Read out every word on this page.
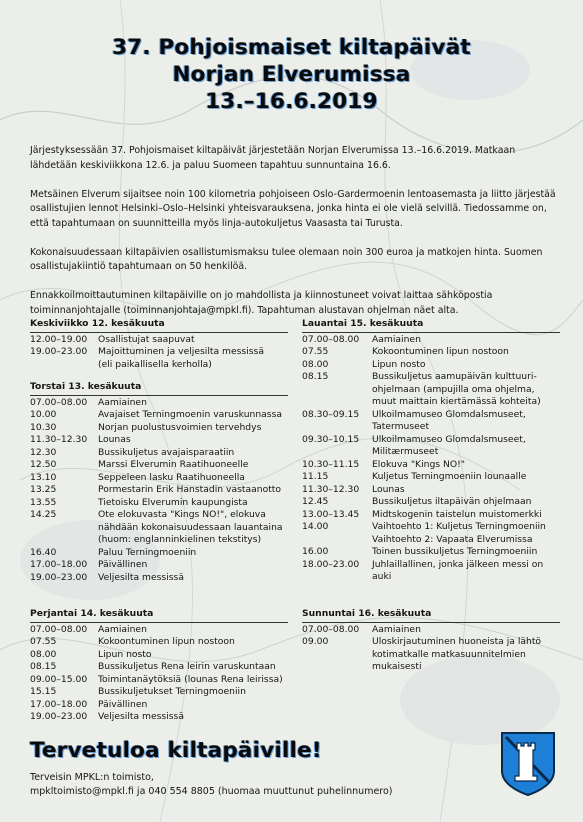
37. Pohjoismaiset kiltapäivät
Norjan Elverumissa
13.–16.6.2019

Järjestyksessään 37. Pohjoismaiset kiltapäivät järjestetään Norjan Elverumissa 13.–16.6.2019. Matkaan lähdetään keskiviikkona 12.6. ja paluu Suomeen tapahtuu sunnuntaina 16.6.

Metsäinen Elverum sijaitsee noin 100 kilometria pohjoiseen Oslo-Gardermoenin lentoasemasta ja liitto järjestää osallistujien lennot Helsinki–Oslo–Helsinki yhteisvarauksena, jonka hinta ei ole vielä selvillä. Tiedossamme on, että tapahtumaan on suunnitteilla myös linja-autokuljetus Vaasasta tai Turusta.

Kokonaisuudessaan kiltapäivien osallistumismaksu tulee olemaan noin 300 euroa ja matkojen hinta. Suomen osallistujakiintiö tapahtumaan on 50 henkilöä.

Ennakkoilmoittautuminen kiltapäiville on jo mahdollista ja kiinnostuneet voivat laittaa sähköpostia toiminnanjohtajalle (toiminnanjohtaja@mpkl.fi). Tapahtuman alustavan ohjelman näet alta.

Keskiviikko 12. kesäkuuta
12.00–19.00	Osallistujat saapuvat
19.00–23.00	Majoittuminen ja veljesilta messissä
(eli paikallisella kerholla)
Torstai 13. kesäkuuta
07.00–08.00	Aamiainen
10.00	Avajaiset Terningmoenin varuskunnassa
10.30	Norjan puolustusvoimien tervehdys
11.30–12.30	Lounas
12.30	Bussikuljetus avajaisparaatiin
12.50	Marssi Elverumin Raatihuoneelle
13.10	Seppeleen lasku Raatihuoneella
13.25	Pormestarin Erik Hanstadin vastaanotto
13.55	Tietoisku Elverumin kaupungista
14.25	Ote elokuvasta "Kings NO!", elokuva
nähdään kokonaisuudessaan lauantaina
(huom: englanninkielinen tekstitys)
16.40	Paluu Terningmoeniin
17.00–18.00	Päivällinen
19.00–23.00	Veljesilta messissä
Perjantai 14. kesäkuuta
07.00–08.00	Aamiainen
07.55	Kokoontuminen lipun nostoon
08.00	Lipun nosto
08.15	Bussikuljetus Rena leirin varuskuntaan
09.00–15.00	Toimintanäytöksiä (lounas Rena leirissa)
15.15	Bussikuljetukset Terningmoeniin
17.00–18.00	Päivällinen
19.00–23.00	Veljesilta messissä
Lauantai 15. kesäkuuta
07.00–08.00	Aamiainen
07.55	Kokoontuminen lipun nostoon
08.00	Lipun nosto
08.15	Bussikuljetus aamupäivän kulttuuri-
ohjelmaan (ampujilla oma ohjelma,
muut maittain kiertämässä kohteita)
08.30–09.15	Ulkoilmamuseo Glomdalsmuseet,
Tatermuseet
09.30–10.15	Ulkoilmamuseo Glomdalsmuseet,
Militærmuseet
10.30–11.15	Elokuva "Kings NO!"
11.15	Kuljetus Terningmoeniin lounaalle
11.30–12.30	Lounas
12.45	Bussikuljetus iltapäivän ohjelmaan
13.00–13.45	Midtskogenin taistelun muistomerkki
14.00	Vaihtoehto 1: Kuljetus Terningmoeniin
Vaihtoehto 2: Vapaata Elverumissa
16.00	Toinen bussikuljetus Terningmoeniin
18.00–23.00	Juhlaillallinen, jonka jälkeen messi on
auki
Sunnuntai 16. kesäkuuta
07.00–08.00	Aamiainen
09.00	Uloskirjautuminen huoneista ja lähtö
kotimatkalle matkasuunnitelmien
mukaisesti
Tervetuloa kiltapäiville!
Terveisin MPKL:n toimisto,
mpkltoimisto@mpkl.fi ja 040 554 8805 (huomaa muuttunut puhelinnumero)
